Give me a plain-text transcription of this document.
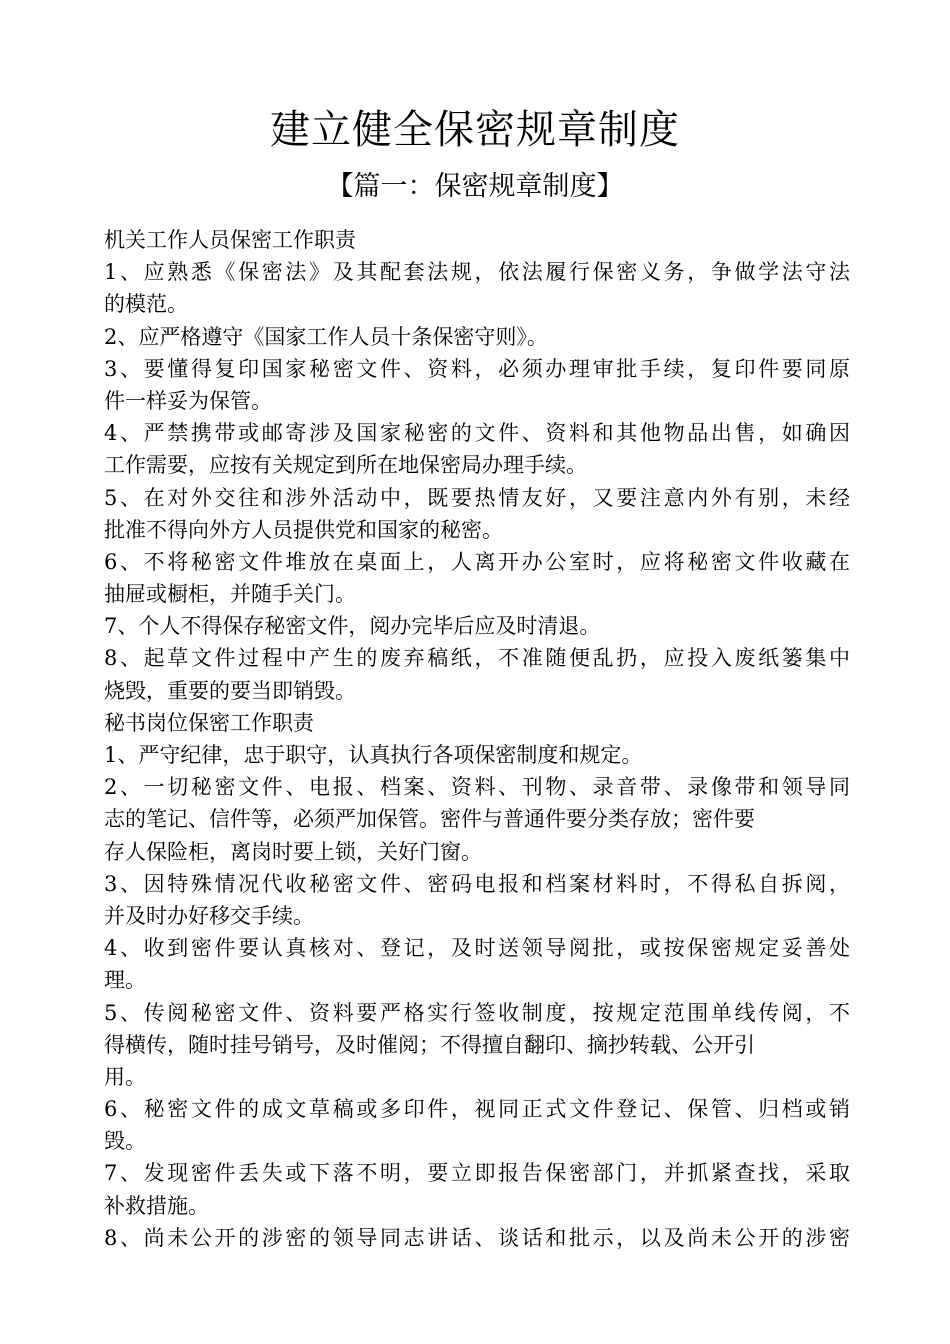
建立健全保密规章制度
【篇一：保密规章制度】
机关工作人员保密工作职责
1、应熟悉《保密法》及其配套法规，依法履行保密义务，争做学法守法
的模范。
2、应严格遵守《国家工作人员十条保密守则》。
3、要懂得复印国家秘密文件、资料，必须办理审批手续，复印件要同原
件一样妥为保管。
4、严禁携带或邮寄涉及国家秘密的文件、资料和其他物品出售，如确因
工作需要，应按有关规定到所在地保密局办理手续。
5、在对外交往和涉外活动中，既要热情友好，又要注意内外有别，未经
批准不得向外方人员提供党和国家的秘密。
6、不将秘密文件堆放在桌面上，人离开办公室时，应将秘密文件收藏在
抽屉或橱柜，并随手关门。
7、个人不得保存秘密文件，阅办完毕后应及时清退。
8、起草文件过程中产生的废弃稿纸，不准随便乱扔，应投入废纸篓集中
烧毁，重要的要当即销毁。
秘书岗位保密工作职责
1、严守纪律，忠于职守，认真执行各项保密制度和规定。
2、一切秘密文件、电报、档案、资料、刊物、录音带、录像带和领导同
志的笔记、信件等，必须严加保管。密件与普通件要分类存放；密件要
存人保险柜，离岗时要上锁，关好门窗。
3、因特殊情况代收秘密文件、密码电报和档案材料时，不得私自拆阅，
并及时办好移交手续。
4、收到密件要认真核对、登记，及时送领导阅批，或按保密规定妥善处
理。
5、传阅秘密文件、资料要严格实行签收制度，按规定范围单线传阅，不
得横传，随时挂号销号，及时催阅；不得擅自翻印、摘抄转载、公开引
用。
6、秘密文件的成文草稿或多印件，视同正式文件登记、保管、归档或销
毁。
7、发现密件丢失或下落不明，要立即报告保密部门，并抓紧查找，采取
补救措施。
8、尚未公开的涉密的领导同志讲话、谈话和批示，以及尚未公开的涉密
